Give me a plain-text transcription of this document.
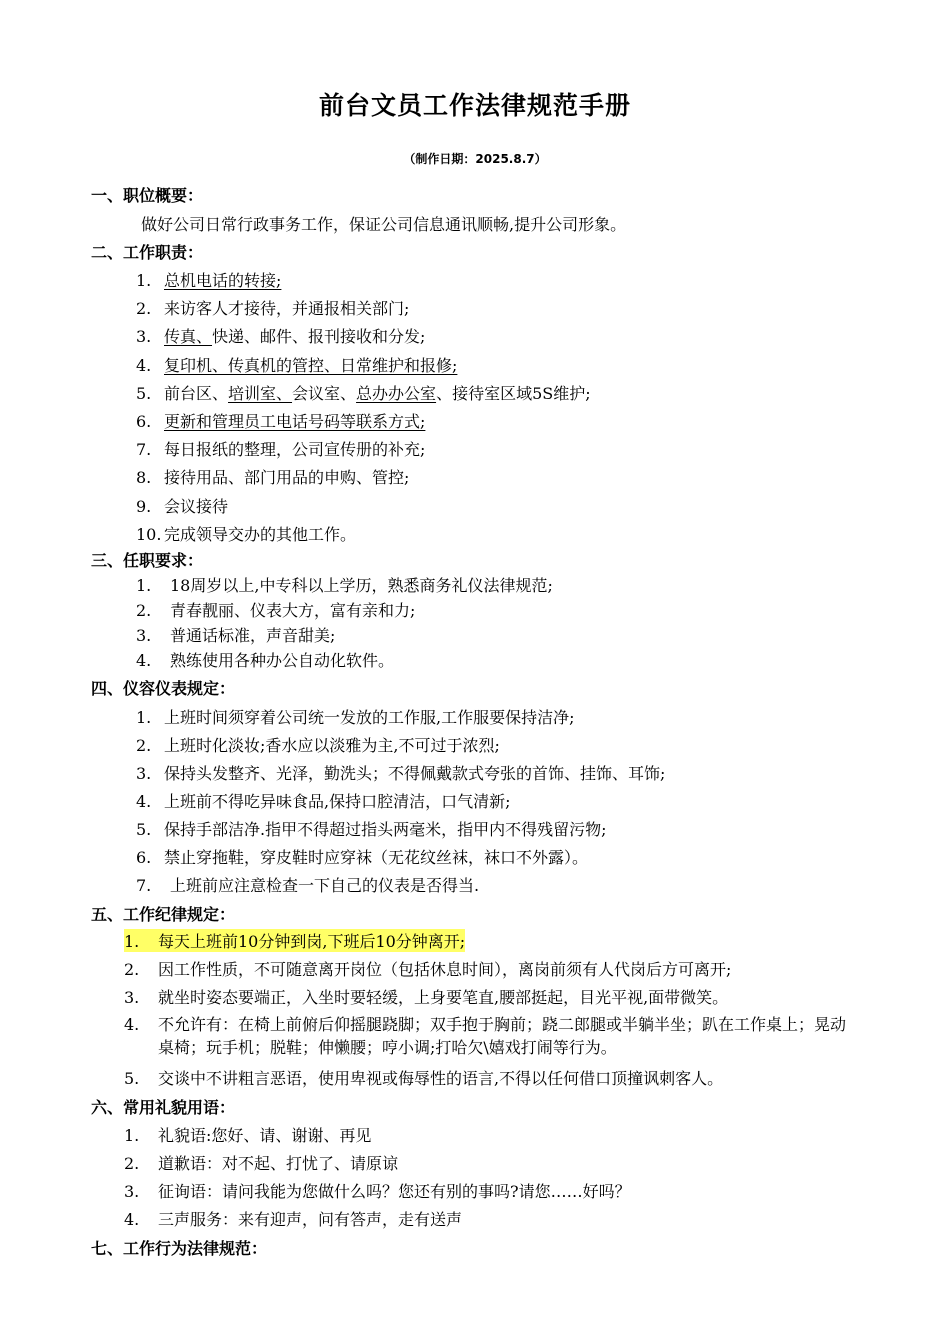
前台文员工作法律规范手册
（制作日期：2025.8.7）
一、职位概要：
做好公司日常行政事务工作，保证公司信息通讯顺畅,提升公司形象。
二、工作职责：
1. 总机电话的转接;
2. 来访客人才接待，并通报相关部门;
3. 传真、快递、邮件、报刊接收和分发;
4. 复印机、传真机的管控、日常维护和报修;
5. 前台区、培训室、会议室、总办办公室、接待室区域5S维护;
6. 更新和管理员工电话号码等联系方式;
7. 每日报纸的整理，公司宣传册的补充;
8. 接待用品、部门用品的申购、管控;
9. 会议接待
10. 完成领导交办的其他工作。
三、任职要求：
1.	18周岁以上,中专科以上学历，熟悉商务礼仪法律规范;
2.	青春靓丽、仪表大方，富有亲和力;
3.	普通话标准，声音甜美;
4.	熟练使用各种办公自动化软件。
四、仪容仪表规定：
1. 上班时间须穿着公司统一发放的工作服,工作服要保持洁净;
2. 上班时化淡妆;香水应以淡雅为主,不可过于浓烈;
3. 保持头发整齐、光泽，勤洗头；不得佩戴款式夸张的首饰、挂饰、耳饰;
4. 上班前不得吃异味食品,保持口腔清洁，口气清新;
5. 保持手部洁净.指甲不得超过指头两毫米，指甲内不得残留污物;
6. 禁止穿拖鞋，穿皮鞋时应穿袜（无花纹丝袜，袜口不外露）。
7.	上班前应注意检查一下自己的仪表是否得当.
五、工作纪律规定：
1. 每天上班前10分钟到岗,下班后10分钟离开;
2.	因工作性质，不可随意离开岗位（包括休息时间），离岗前须有人代岗后方可离开;
3.	就坐时姿态要端正，入坐时要轻缓，上身要笔直,腰部挺起，目光平视,面带微笑。
4.	不允许有：在椅上前俯后仰摇腿跷脚；双手抱于胸前；跷二郎腿或半躺半坐；趴在工作桌上；晃动桌椅；玩手机；脱鞋；伸懒腰；哼小调;打哈欠\嬉戏打闹等行为。
5.	交谈中不讲粗言恶语，使用卑视或侮辱性的语言,不得以任何借口顶撞讽刺客人。
六、常用礼貌用语：
1.	礼貌语:您好、请、谢谢、再见
2.	道歉语：对不起、打忧了、请原谅
3.	征询语：请问我能为您做什么吗？您还有别的事吗?请您……好吗？
4.	三声服务：来有迎声，问有答声，走有送声
七、工作行为法律规范：
